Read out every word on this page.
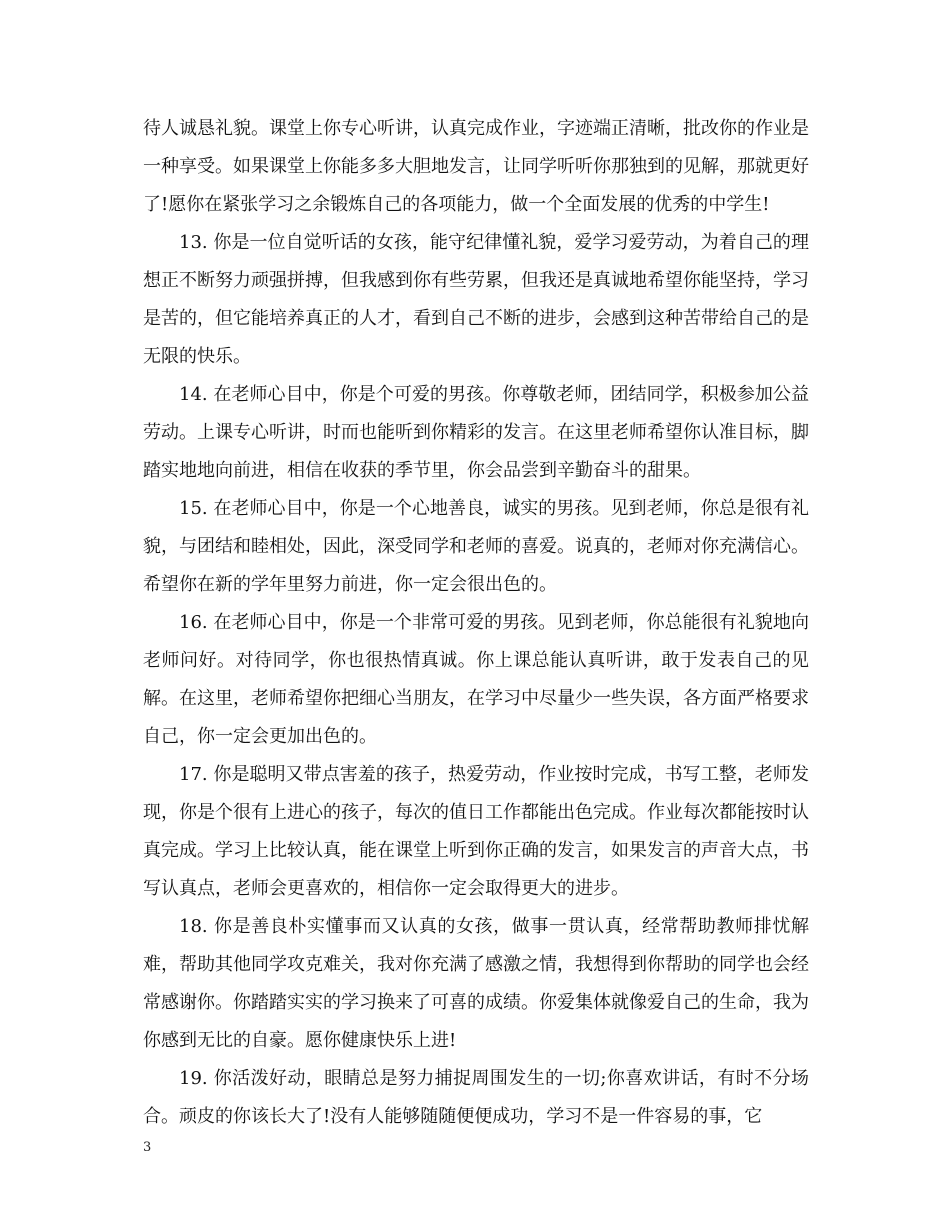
待人诚恳礼貌。课堂上你专心听讲，认真完成作业，字迹端正清晰，批改你的作业是一种享受。如果课堂上你能多多大胆地发言，让同学听听你那独到的见解，那就更好了!愿你在紧张学习之余锻炼自己的各项能力，做一个全面发展的优秀的中学生!

13. 你是一位自觉听话的女孩，能守纪律懂礼貌，爱学习爱劳动，为着自己的理想正不断努力顽强拼搏，但我感到你有些劳累，但我还是真诚地希望你能坚持，学习是苦的，但它能培养真正的人才，看到自己不断的进步，会感到这种苦带给自己的是无限的快乐。

14. 在老师心目中，你是个可爱的男孩。你尊敬老师，团结同学，积极参加公益劳动。上课专心听讲，时而也能听到你精彩的发言。在这里老师希望你认准目标，脚踏实地地向前进，相信在收获的季节里，你会品尝到辛勤奋斗的甜果。

15. 在老师心目中，你是一个心地善良，诚实的男孩。见到老师，你总是很有礼貌，与团结和睦相处，因此，深受同学和老师的喜爱。说真的，老师对你充满信心。希望你在新的学年里努力前进，你一定会很出色的。

16. 在老师心目中，你是一个非常可爱的男孩。见到老师，你总能很有礼貌地向老师问好。对待同学，你也很热情真诚。你上课总能认真听讲，敢于发表自己的见解。在这里，老师希望你把细心当朋友，在学习中尽量少一些失误，各方面严格要求自己，你一定会更加出色的。

17. 你是聪明又带点害羞的孩子，热爱劳动，作业按时完成，书写工整，老师发现，你是个很有上进心的孩子，每次的值日工作都能出色完成。作业每次都能按时认真完成。学习上比较认真，能在课堂上听到你正确的发言，如果发言的声音大点，书写认真点，老师会更喜欢的，相信你一定会取得更大的进步。

18. 你是善良朴实懂事而又认真的女孩，做事一贯认真，经常帮助教师排忧解难，帮助其他同学攻克难关，我对你充满了感激之情，我想得到你帮助的同学也会经常感谢你。你踏踏实实的学习换来了可喜的成绩。你爱集体就像爱自己的生命，我为你感到无比的自豪。愿你健康快乐上进!

19. 你活泼好动，眼睛总是努力捕捉周围发生的一切;你喜欢讲话，有时不分场合。顽皮的你该长大了!没有人能够随随便便成功，学习不是一件容易的事，它

3
